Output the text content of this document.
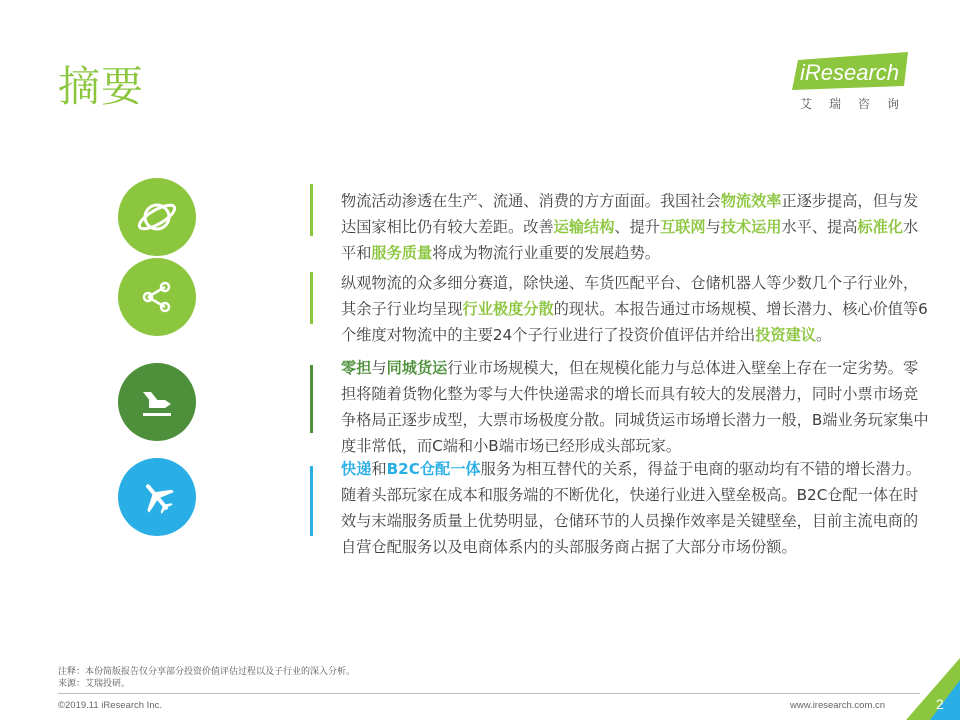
摘要	iResearch
艾瑞咨询
物流活动渗透在生产、流通、消费的方方面面。我国社会物流效率正逐步提高，但与发达国家相比仍有较大差距。改善运输结构、提升互联网与技术运用水平、提高标准化水平和服务质量将成为物流行业重要的发展趋势。
纵观物流的众多细分赛道，除快递、车货匹配平台、仓储机器人等少数几个子行业外，其余子行业均呈现行业极度分散的现状。本报告通过市场规模、增长潜力、核心价值等6个维度对物流中的主要24个子行业进行了投资价值评估并给出投资建议。
零担与同城货运行业市场规模大，但在规模化能力与总体进入壁垒上存在一定劣势。零担将随着货物化整为零与大件快递需求的增长而具有较大的发展潜力，同时小票市场竞争格局正逐步成型，大票市场极度分散。同城货运市场增长潜力一般，B端业务玩家集中度非常低，而C端和小B端市场已经形成头部玩家。
快递和B2C仓配一体服务为相互替代的关系，得益于电商的驱动均有不错的增长潜力。随着头部玩家在成本和服务端的不断优化，快递行业进入壁垒极高。B2C仓配一体在时效与末端服务质量上优势明显，仓储环节的人员操作效率是关键壁垒，目前主流电商的自营仓配服务以及电商体系内的头部服务商占据了大部分市场份额。
注释：本份简版报告仅分享部分投资价值评估过程以及子行业的深入分析。
来源：艾瑞投研。
©2019.11 iResearch Inc.	www.iresearch.com.cn	2
